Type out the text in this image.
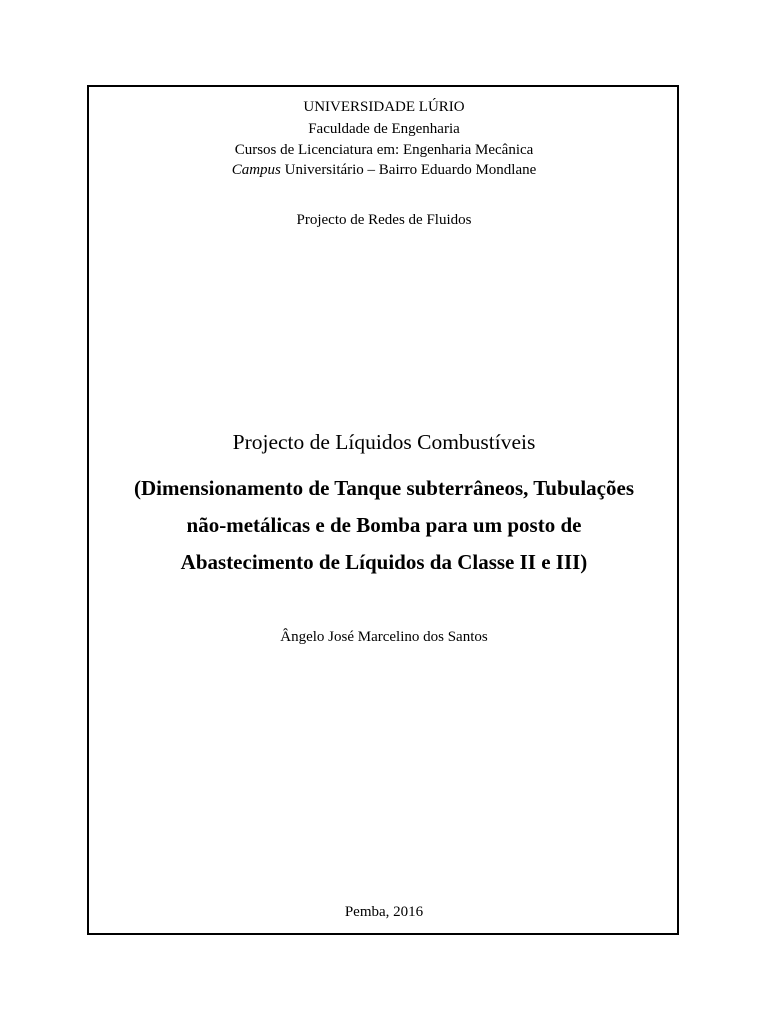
UNIVERSIDADE LÚRIO
Faculdade de Engenharia
Cursos de Licenciatura em: Engenharia Mecânica
Campus Universitário – Bairro Eduardo Mondlane
Projecto de Redes de Fluidos
Projecto de Líquidos Combustíveis
(Dimensionamento de Tanque subterrâneos, Tubulações
não-metálicas e de Bomba para um posto de
Abastecimento de Líquidos da Classe II e III)
Ângelo José Marcelino dos Santos
Pemba, 2016
